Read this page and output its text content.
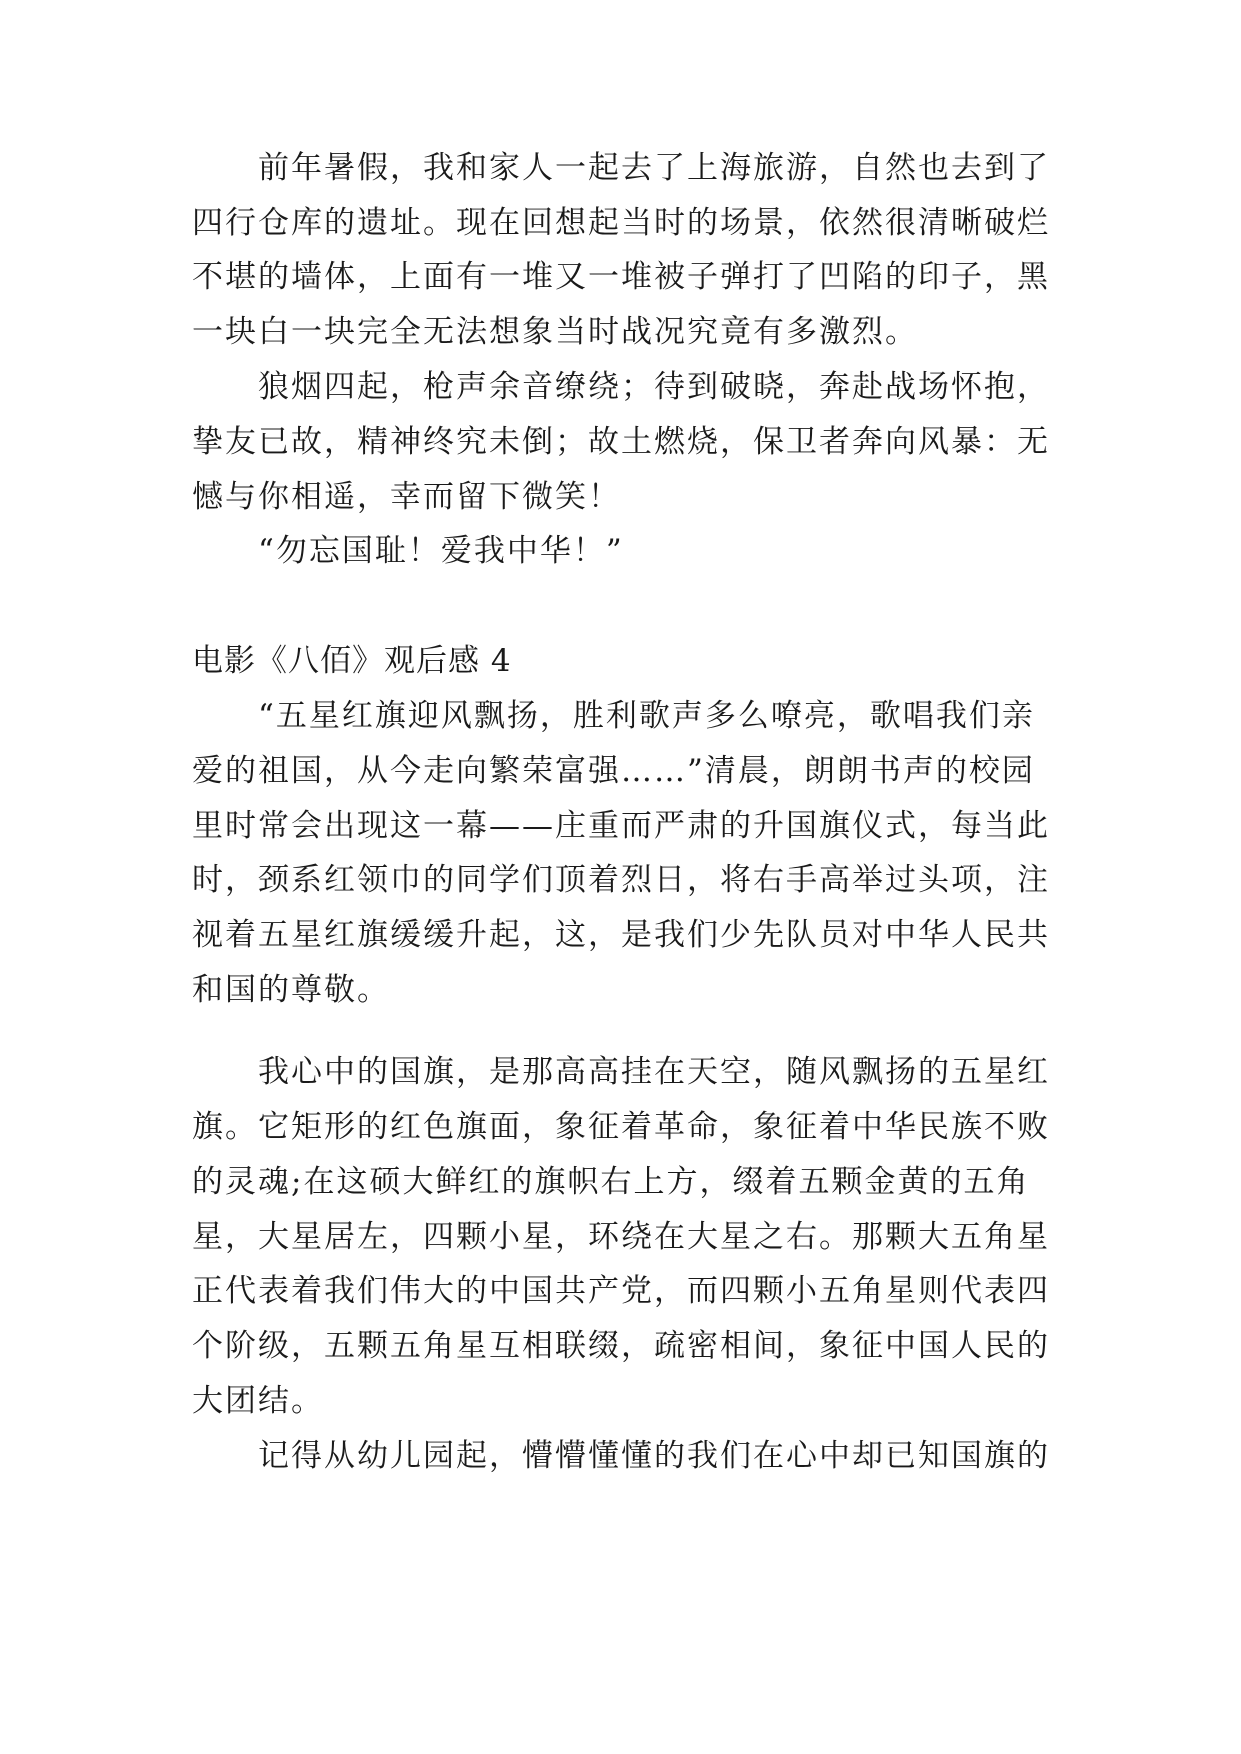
　　前年暑假，我和家人一起去了上海旅游，自然也去到了
四行仓库的遗址。现在回想起当时的场景，依然很清晰破烂
不堪的墙体，上面有一堆又一堆被子弹打了凹陷的印子，黑
一块白一块完全无法想象当时战况究竟有多激烈。
　　狼烟四起，枪声余音缭绕；待到破晓，奔赴战场怀抱，
挚友已故，精神终究未倒；故土燃烧，保卫者奔向风暴：无
憾与你相遥，幸而留下微笑！
　　“勿忘国耻！爱我中华！”
电影《八佰》观后感 4
　　“五星红旗迎风飘扬，胜利歌声多么嘹亮，歌唱我们亲
爱的祖国，从今走向繁荣富强……”清晨，朗朗书声的校园
里时常会出现这一幕——庄重而严肃的升国旗仪式，每当此
时，颈系红领巾的同学们顶着烈日，将右手高举过头项，注
视着五星红旗缓缓升起，这，是我们少先队员对中华人民共
和国的尊敬。
　　我心中的国旗，是那高高挂在天空，随风飘扬的五星红
旗。它矩形的红色旗面，象征着革命，象征着中华民族不败
的灵魂;在这硕大鲜红的旗帜右上方，缀着五颗金黄的五角
星，大星居左，四颗小星，环绕在大星之右。那颗大五角星
正代表着我们伟大的中国共产党，而四颗小五角星则代表四
个阶级，五颗五角星互相联缀，疏密相间，象征中国人民的
大团结。
　　记得从幼儿园起，懵懵懂懂的我们在心中却已知国旗的
